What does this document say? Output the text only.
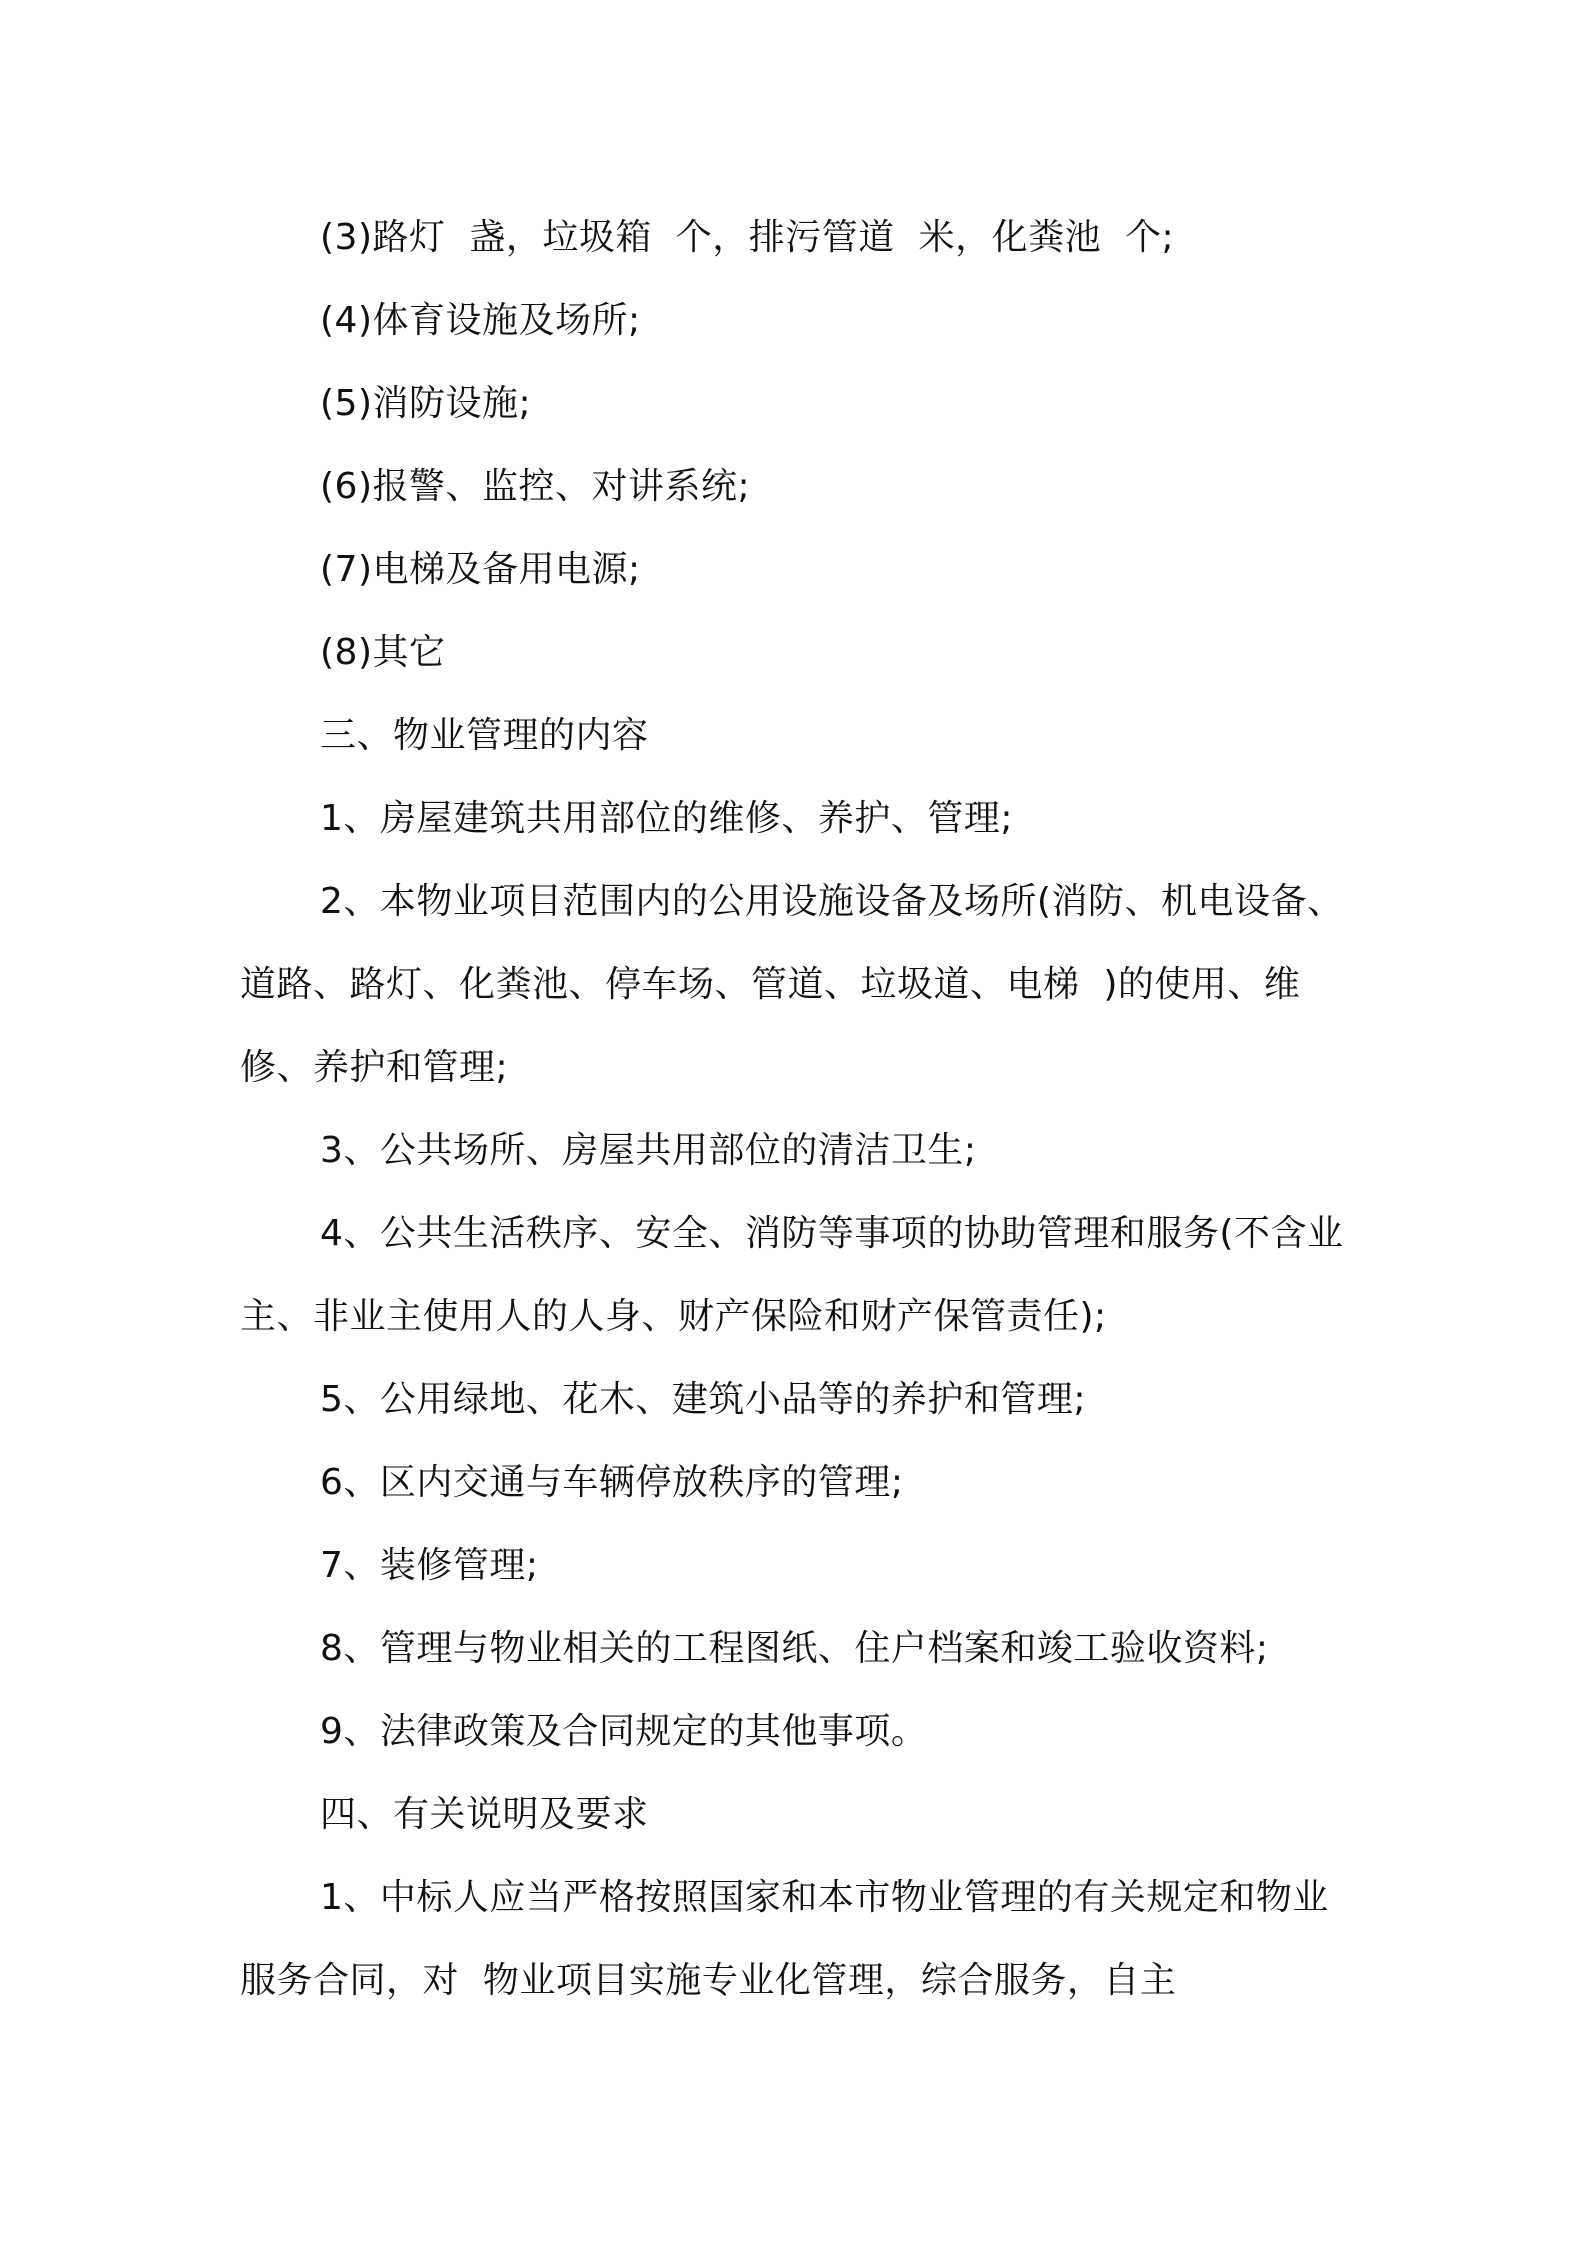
(3)路灯  盏，垃圾箱  个，排污管道  米，化粪池  个;

(4)体育设施及场所;

(5)消防设施;

(6)报警、监控、对讲系统;

(7)电梯及备用电源;

(8)其它

三、物业管理的内容

1、房屋建筑共用部位的维修、养护、管理;

2、本物业项目范围内的公用设施设备及场所(消防、机电设备、道路、路灯、化粪池、停车场、管道、垃圾道、电梯  )的使用、维修、养护和管理;

3、公共场所、房屋共用部位的清洁卫生;

4、公共生活秩序、安全、消防等事项的协助管理和服务(不含业主、非业主使用人的人身、财产保险和财产保管责任);

5、公用绿地、花木、建筑小品等的养护和管理;

6、区内交通与车辆停放秩序的管理;

7、装修管理;

8、管理与物业相关的工程图纸、住户档案和竣工验收资料;

9、法律政策及合同规定的其他事项。

四、有关说明及要求

1、中标人应当严格按照国家和本市物业管理的有关规定和物业服务合同，对  物业项目实施专业化管理，综合服务，自主
